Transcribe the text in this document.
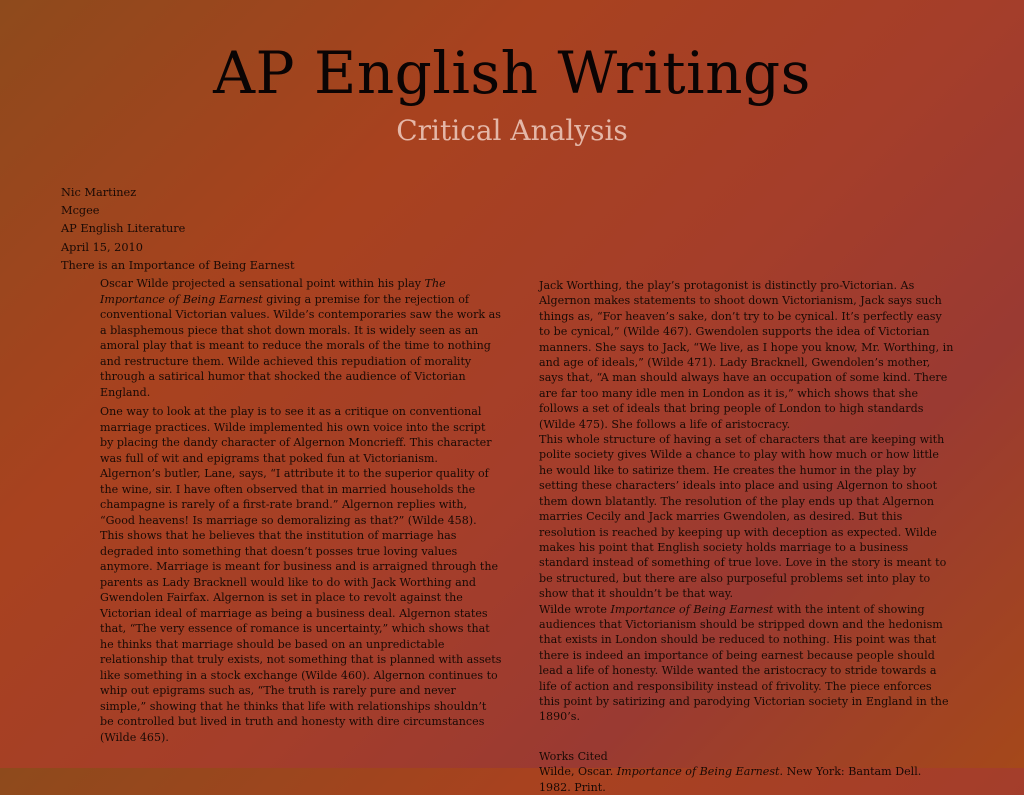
AP English Writings
Critical Analysis
Nic Martinez
Mcgee
AP English Literature
April 15, 2010
There is an Importance of Being Earnest

Oscar Wilde projected a sensational point within his play The Importance of Being Earnest giving a premise for the rejection of conventional Victorian values. Wilde’s contemporaries saw the work as a blasphemous piece that shot down morals. It is widely seen as an amoral play that is meant to reduce the morals of the time to nothing and restructure them. Wilde achieved this repudiation of morality through a satirical humor that shocked the audience of Victorian England.

One way to look at the play is to see it as a critique on conventional marriage practices. Wilde implemented his own voice into the script by placing the dandy character of Algernon Moncrieff. This character was full of wit and epigrams that poked fun at Victorianism. Algernon’s butler, Lane, says, “I attribute it to the superior quality of the wine, sir. I have often observed that in married households the champagne is rarely of a first-rate brand.” Algernon replies with, “Good heavens! Is marriage so demoralizing as that?” (Wilde 458). This shows that he believes that the institution of marriage has degraded into something that doesn’t posses true loving values anymore. Marriage is meant for business and is arraigned through the parents as Lady Bracknell would like to do with Jack Worthing and Gwendolen Fairfax. Algernon is set in place to revolt against the Victorian ideal of marriage as being a business deal. Algernon states that, “The very essence of romance is uncertainty,” which shows that he thinks that marriage should be based on an unpredictable relationship that truly exists, not something that is planned with assets like something in a stock exchange (Wilde 460). Algernon continues to whip out epigrams such as, “The truth is rarely pure and never simple,” showing that he thinks that life with relationships shouldn’t be controlled but lived in truth and honesty with dire circumstances (Wilde 465).

Jack Worthing, the play’s protagonist is distinctly pro-Victorian. As Algernon makes statements to shoot down Victorianism, Jack says such things as, “For heaven’s sake, don’t try to be cynical. It’s perfectly easy to be cynical,” (Wilde 467). Gwendolen supports the idea of Victorian manners. She says to Jack, “We live, as I hope you know, Mr. Worthing, in and age of ideals,” (Wilde 471). Lady Bracknell, Gwendolen’s mother, says that, “A man should always have an occupation of some kind. There are far too many idle men in London as it is,” which shows that she follows a set of ideals that bring people of London to high standards (Wilde 475). She follows a life of aristocracy.

This whole structure of having a set of characters that are keeping with polite society gives Wilde a chance to play with how much or how little he would like to satirize them. He creates the humor in the play by setting these characters’ ideals into place and using Algernon to shoot them down blatantly. The resolution of the play ends up that Algernon marries Cecily and Jack marries Gwendolen, as desired. But this resolution is reached by keeping up with deception as expected. Wilde makes his point that English society holds marriage to a business standard instead of something of true love. Love in the story is meant to be structured, but there are also purposeful problems set into play to show that it shouldn’t be that way.

Wilde wrote Importance of Being Earnest with the intent of showing audiences that Victorianism should be stripped down and the hedonism that exists in London should be reduced to nothing. His point was that there is indeed an importance of being earnest because people should lead a life of honesty. Wilde wanted the aristocracy to stride towards a life of action and responsibility instead of frivolity. The piece enforces this point by satirizing and parodying Victorian society in England in the 1890’s.

Works Cited
Wilde, Oscar. Importance of Being Earnest. New York: Bantam Dell. 1982. Print.
